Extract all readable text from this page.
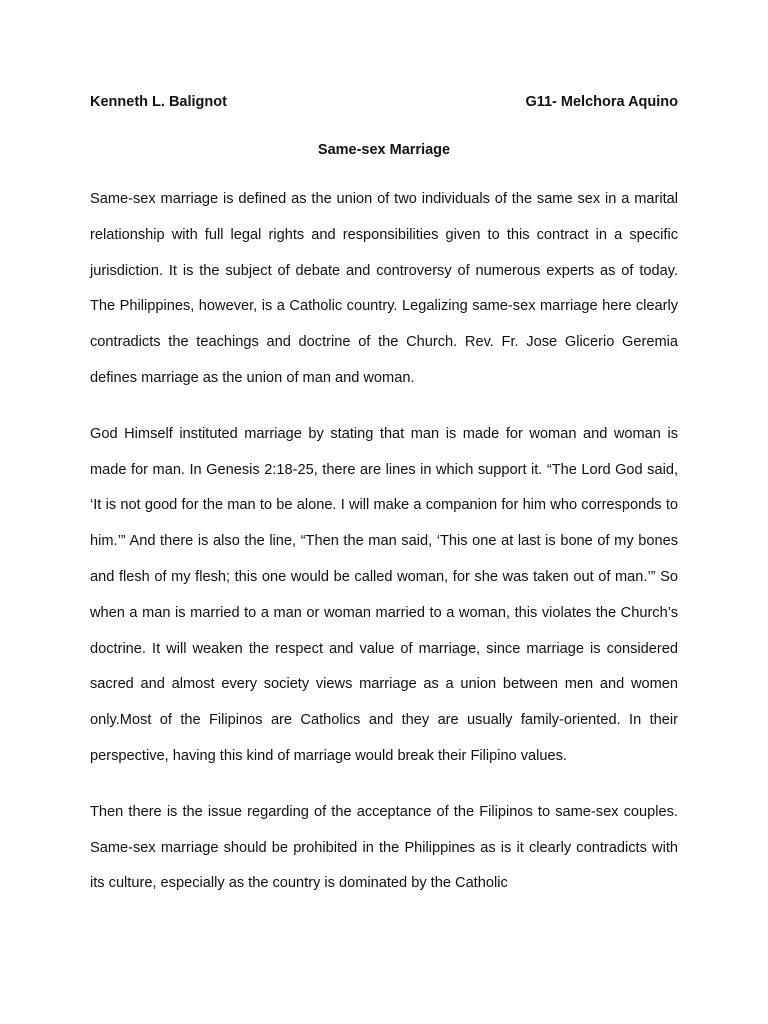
Kenneth L. Balignot	G11- Melchora Aquino
Same-sex Marriage

Same-sex marriage is defined as the union of two individuals of the same sex in a marital relationship with full legal rights and responsibilities given to this contract in a specific jurisdiction. It is the subject of debate and controversy of numerous experts as of today. The Philippines, however, is a Catholic country. Legalizing same-sex marriage here clearly contradicts the teachings and doctrine of the Church. Rev. Fr. Jose Glicerio Geremia defines marriage as the union of man and woman.

God Himself instituted marriage by stating that man is made for woman and woman is made for man. In Genesis 2:18-25, there are lines in which support it. “The Lord God said, ‘It is not good for the man to be alone. I will make a companion for him who corresponds to him.’” And there is also the line, “Then the man said, ‘This one at last is bone of my bones and flesh of my flesh; this one would be called woman, for she was taken out of man.’” So when a man is married to a man or woman married to a woman, this violates the Church’s doctrine. It will weaken the respect and value of marriage, since marriage is considered sacred and almost every society views marriage as a union between men and women only.Most of the Filipinos are Catholics and they are usually family-oriented. In their perspective, having this kind of marriage would break their Filipino values.

Then there is the issue regarding of the acceptance of the Filipinos to same-sex couples. Same-sex marriage should be prohibited in the Philippines as is it clearly contradicts with its culture, especially as the country is dominated by the Catholic
